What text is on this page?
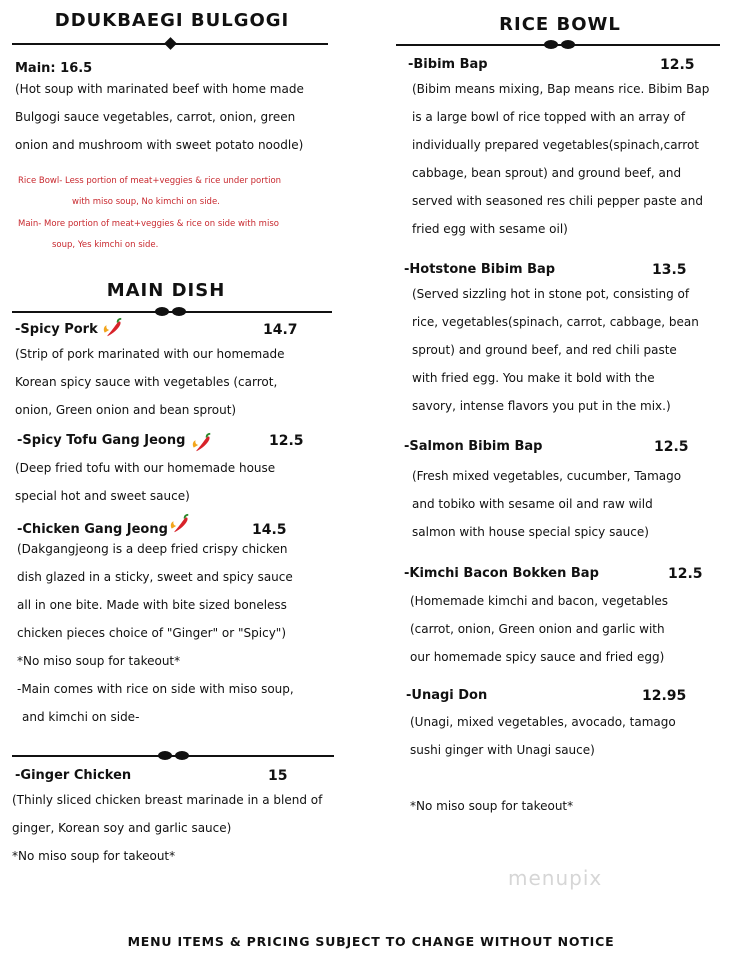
DDUKBAEGI BULGOGI
Main: 16.5
(Hot soup with marinated beef with home made
Bulgogi sauce vegetables, carrot, onion, green
onion and mushroom with sweet potato noodle)
Rice Bowl- Less portion of meat+veggies & rice under portion
with miso soup, No kimchi on side.
Main- More portion of meat+veggies & rice on side with miso
soup, Yes kimchi on side.
MAIN DISH
-Spicy Pork	14.7
(Strip of pork marinated with our homemade
Korean spicy sauce with vegetables (carrot,
onion, Green onion and bean sprout)
-Spicy Tofu Gang Jeong	12.5
(Deep fried tofu with our homemade house
special hot and sweet sauce)
-Chicken Gang Jeong	14.5
(Dakgangjeong is a deep fried crispy chicken
dish glazed in a sticky, sweet and spicy sauce
all in one bite. Made with bite sized boneless
chicken pieces choice of "Ginger" or "Spicy")
*No miso soup for takeout*
-Main comes with rice on side with miso soup,
and kimchi on side-
-Ginger Chicken	15
(Thinly sliced chicken breast marinade in a blend of
ginger, Korean soy and garlic sauce)
*No miso soup for takeout*
RICE BOWL
-Bibim Bap	12.5
(Bibim means mixing, Bap means rice. Bibim Bap
is a large bowl of rice topped with an array of
individually prepared vegetables(spinach,carrot
cabbage, bean sprout) and ground beef, and
served with seasoned res chili pepper paste and
fried egg with sesame oil)
-Hotstone Bibim Bap	13.5
(Served sizzling hot in stone pot, consisting of
rice, vegetables(spinach, carrot, cabbage, bean
sprout) and ground beef, and red chili paste
with fried egg. You make it bold with the
savory, intense flavors you put in the mix.)
-Salmon Bibim Bap	12.5
(Fresh mixed vegetables, cucumber, Tamago
and tobiko with sesame oil and raw wild
salmon with house special spicy sauce)
-Kimchi Bacon Bokken Bap	12.5
(Homemade kimchi and bacon, vegetables
(carrot, onion, Green onion and garlic with
our homemade spicy sauce and fried egg)
-Unagi Don	12.95
(Unagi, mixed vegetables, avocado, tamago
sushi ginger with Unagi sauce)
*No miso soup for takeout*
menupix
MENU ITEMS & PRICING SUBJECT TO CHANGE WITHOUT NOTICE
